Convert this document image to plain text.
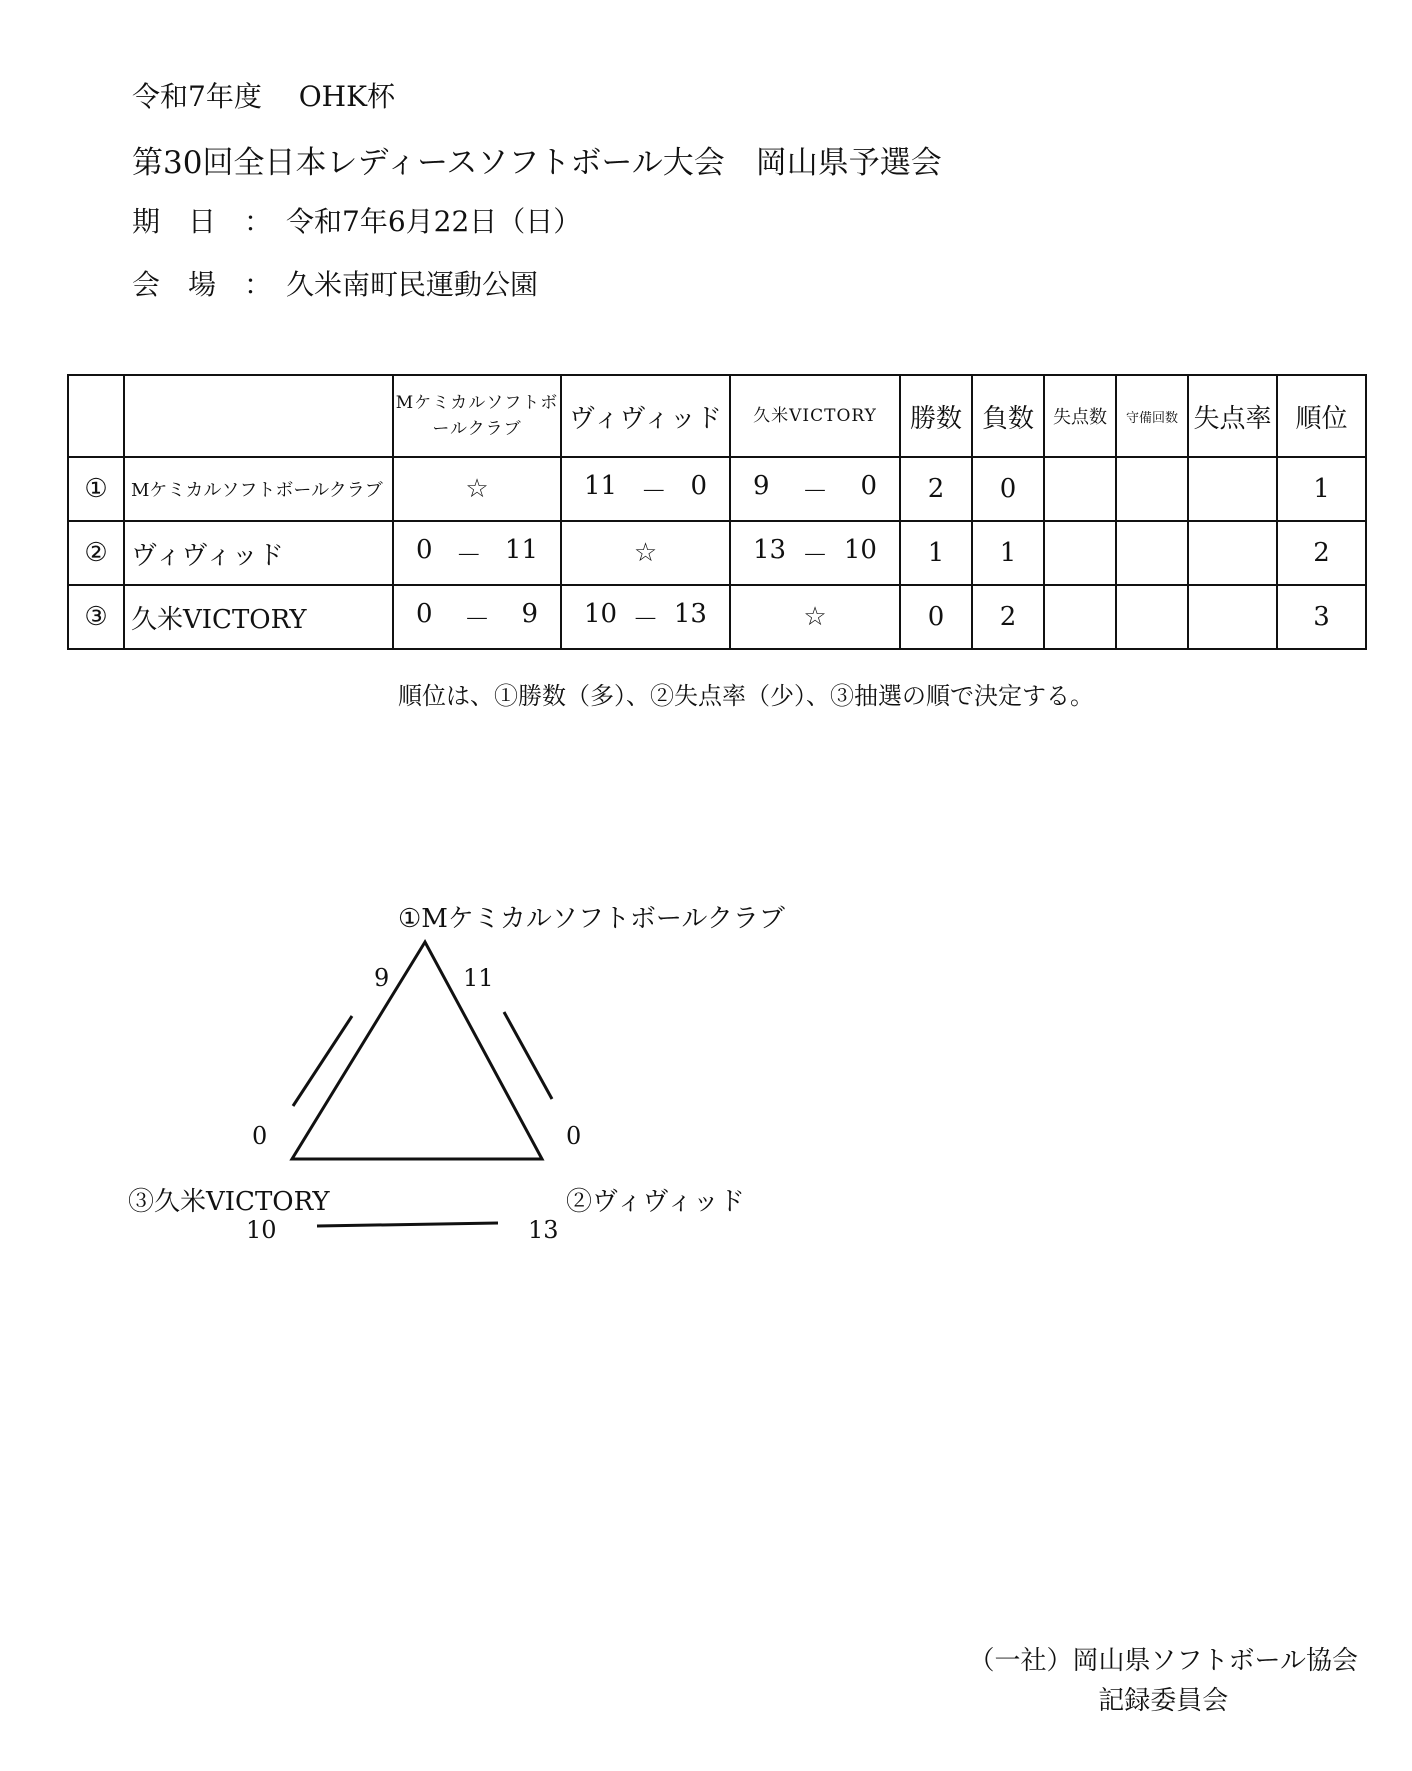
令和7年度　 OHK杯
第30回全日本レディースソフトボール大会　岡山県予選会
期　日　：　令和7年6月22日（日）
会　場　：　久米南町民運動公園
		Mケミカルソフトボールクラブ	ヴィヴィッド	久米VICTORY	勝数	負数	失点数	守備回数	失点率	順位
①	Mケミカルソフトボールクラブ	☆	11 － 0	9 － 0	2	0				1
②	ヴィヴィッド	0 － 11	☆	13 － 10	1	1				2
③	久米VICTORY	0 － 9	10 － 13	☆	0	2				3
順位は、①勝数（多）、②失点率（少）、③抽選の順で決定する。
①Mケミカルソフトボールクラブ
9	11
0	0
③久米VICTORY	②ヴィヴィッド
10	13
（一社）岡山県ソフトボール協会
記録委員会
